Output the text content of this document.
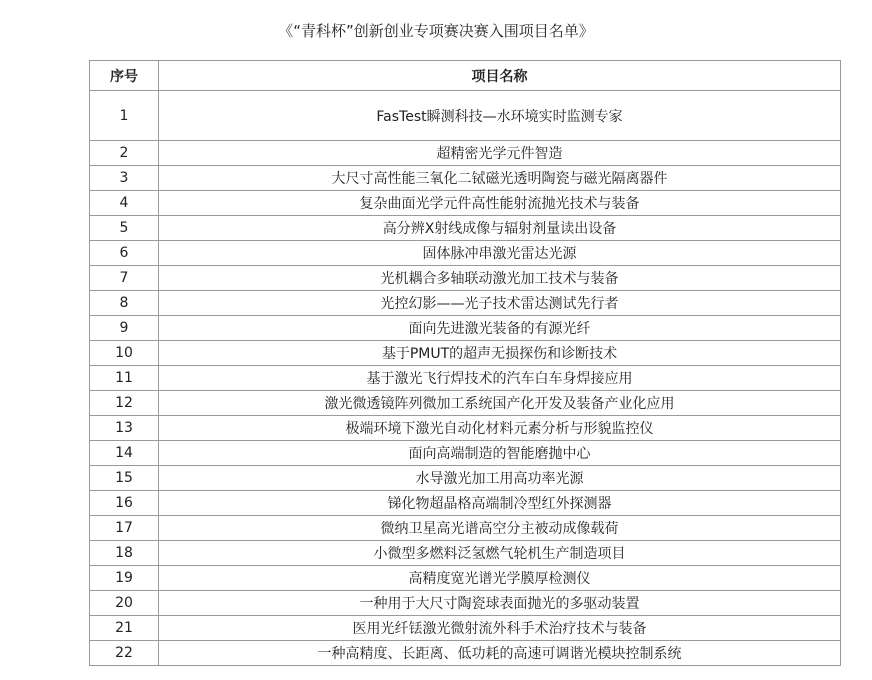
《“青科杯”创新创业专项赛决赛入围项目名单》
序号	项目名称
1	FasTest瞬测科技—水环境实时监测专家
2	超精密光学元件智造
3	大尺寸高性能三氧化二铽磁光透明陶瓷与磁光隔离器件
4	复杂曲面光学元件高性能射流抛光技术与装备
5	高分辨X射线成像与辐射剂量读出设备
6	固体脉冲串激光雷达光源
7	光机耦合多轴联动激光加工技术与装备
8	光控幻影——光子技术雷达测试先行者
9	面向先进激光装备的有源光纤
10	基于PMUT的超声无损探伤和诊断技术
11	基于激光飞行焊技术的汽车白车身焊接应用
12	激光微透镜阵列微加工系统国产化开发及装备产业化应用
13	极端环境下激光自动化材料元素分析与形貌监控仪
14	面向高端制造的智能磨抛中心
15	水导激光加工用高功率光源
16	锑化物超晶格高端制冷型红外探测器
17	微纳卫星高光谱高空分主被动成像载荷
18	小微型多燃料泛氢燃气轮机生产制造项目
19	高精度宽光谱光学膜厚检测仪
20	一种用于大尺寸陶瓷球表面抛光的多驱动装置
21	医用光纤铥激光微射流外科手术治疗技术与装备
22	一种高精度、长距离、低功耗的高速可调谐光模块控制系统
